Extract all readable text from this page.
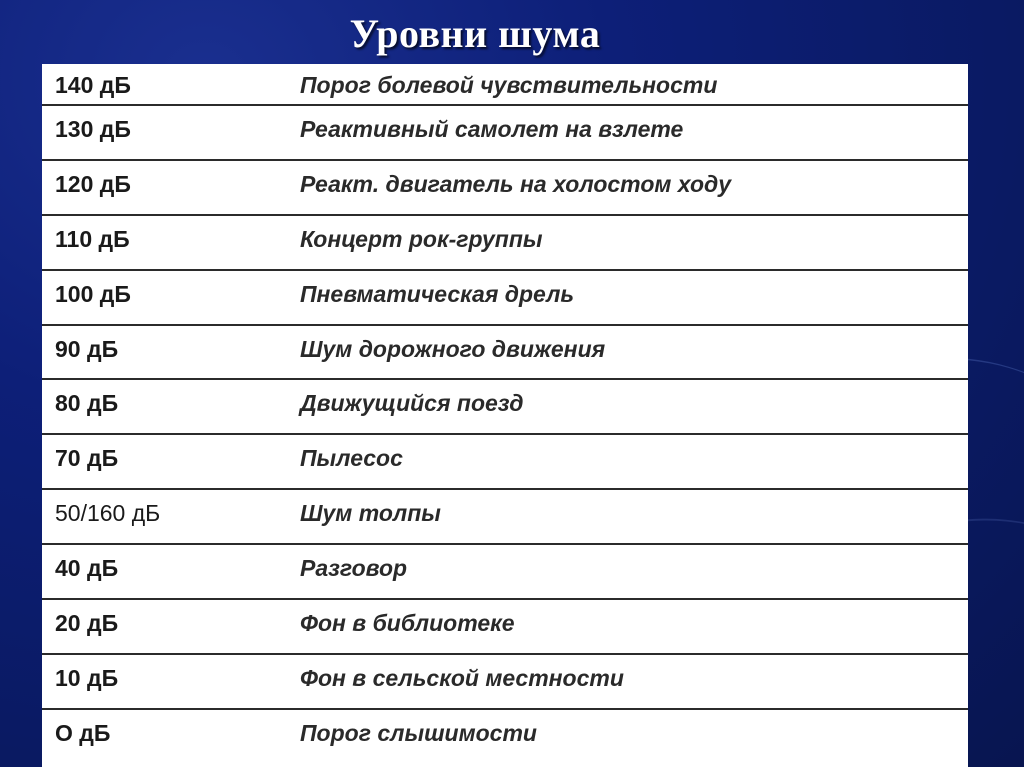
Уровни шума
140 дБ	Порог болевой чувствительности
130 дБ	Реактивный самолет на взлете
120 дБ	Реакт. двигатель на холостом ходу
110 дБ	Концерт рок-группы
100 дБ	Пневматическая дрель
90 дБ	Шум дорожного движения
80 дБ	Движущийся поезд
70 дБ	Пылесос
50/160 дБ	Шум толпы
40 дБ	Разговор
20 дБ	Фон в библиотеке
10 дБ	Фон в сельской местности
О дБ	Порог слышимости
